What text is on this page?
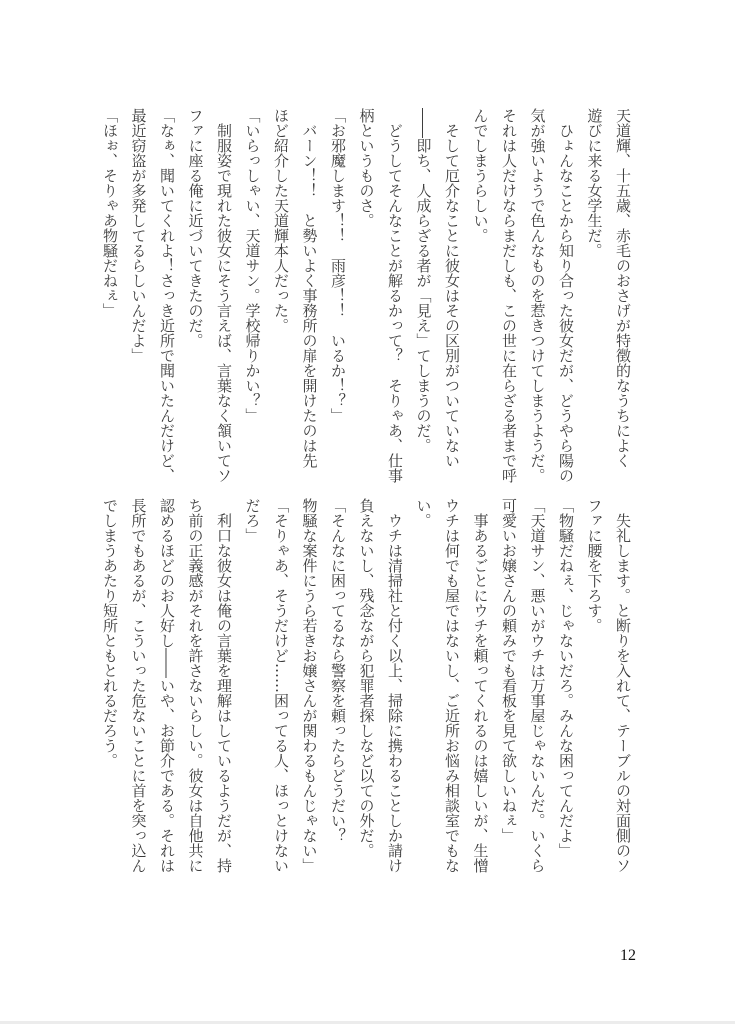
天道輝、十五歳、赤毛のおさげが特徴的なうちによく
遊びに来る女学生だ。
　ひょんなことから知り合った彼女だが、どうやら陽の
気が強いようで色んなものを惹きつけてしまうようだ。
それは人だけならまだしも、この世に在らざる者まで呼
んでしまうらしい。
　そして厄介なことに彼女はその区別がついていない
――即ち、人成らざる者が「見え」てしまうのだ。
　どうしてそんなことが解るかって？　そりゃあ、仕事
柄というものさ。
「お邪魔します！！　雨彦！！　いるか！？」
　バーン！！　と勢いよく事務所の扉を開けたのは先
ほど紹介した天道輝本人だった。
「いらっしゃい、天道サン。学校帰りかい？」
　制服姿で現れた彼女にそう言えば、言葉なく頷いてソ
ファに座る俺に近づいてきたのだ。
「なぁ、聞いてくれよ！さっき近所で聞いたんだけど、
最近窃盗が多発してるらしいんだよ」
「ほぉ、そりゃあ物騒だねぇ」
　失礼します。と断りを入れて、テーブルの対面側のソ
ファに腰を下ろす。
「物騒だねぇ、じゃないだろ。みんな困ってんだよ」
「天道サン、悪いがウチは万事屋じゃないんだ。いくら
可愛いお嬢さんの頼みでも看板を見て欲しいねぇ」
　事あるごとにウチを頼ってくれるのは嬉しいが、生憎
ウチは何でも屋ではないし、ご近所お悩み相談室でもな
い。
　ウチは清掃社と付く以上、掃除に携わることしか請け
負えないし、残念ながら犯罪者探しなど以ての外だ。
「そんなに困ってるなら警察を頼ったらどうだい？
物騒な案件にうら若きお嬢さんが関わるもんじゃない」
「そりゃあ、そうだけど……困ってる人、ほっとけない
だろ」
　利口な彼女は俺の言葉を理解はしているようだが、持
ち前の正義感がそれを許さないらしい。彼女は自他共に
認めるほどのお人好し――いや、お節介である。それは
長所でもあるが、こういった危ないことに首を突っ込ん
でしまうあたり短所ともとれるだろう。
12
